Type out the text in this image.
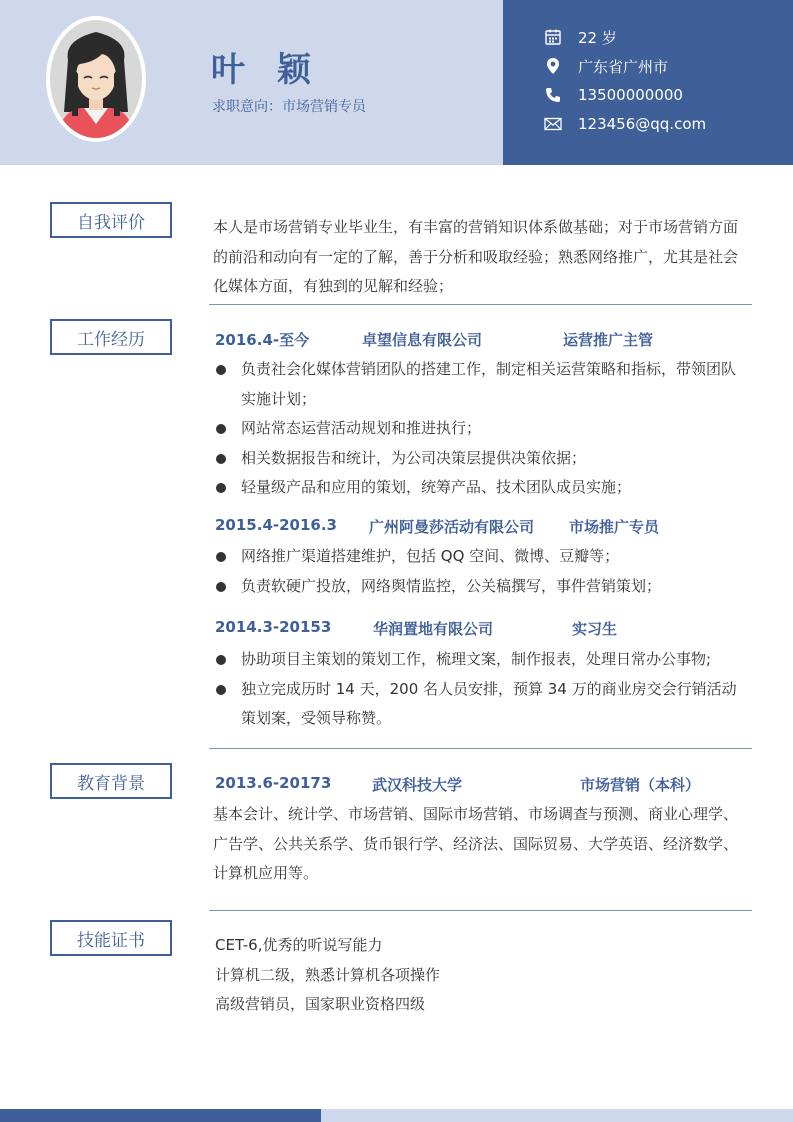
叶 颖
求职意向：市场营销专员
22 岁
广东省广州市
13500000000
123456@qq.com
自我评价	本人是市场营销专业毕业生，有丰富的营销知识体系做基础；对于市场营销方面的前沿和动向有一定的了解，善于分析和吸取经验；熟悉网络推广，尤其是社会化媒体方面，有独到的见解和经验；
工作经历	2016.4-至今	卓望信息有限公司	运营推广主管
负责社会化媒体营销团队的搭建工作，制定相关运营策略和指标，带领团队实施计划；
网站常态运营活动规划和推进执行；
相关数据报告和统计，为公司决策层提供决策依据；
轻量级产品和应用的策划，统筹产品、技术团队成员实施；
2015.4-2016.3 广州阿曼莎活动有限公司 市场推广专员
网络推广渠道搭建维护，包括 QQ 空间、微博、豆瓣等；
负责软硬广投放，网络舆情监控，公关稿撰写，事件营销策划；
2014.3-20153	华润置地有限公司	实习生
协助项目主策划的策划工作，梳理文案，制作报表，处理日常办公事物;
独立完成历时 14 天，200 名人员安排，预算 34 万的商业房交会行销活动策划案，受领导称赞。
教育背景	2013.6-20173	武汉科技大学	市场营销（本科）
基本会计、统计学、市场营销、国际市场营销、市场调查与预测、商业心理学、广告学、公共关系学、货币银行学、经济法、国际贸易、大学英语、经济数学、计算机应用等。
技能证书	CET-6,优秀的听说写能力
计算机二级，熟悉计算机各项操作
高级营销员，国家职业资格四级
